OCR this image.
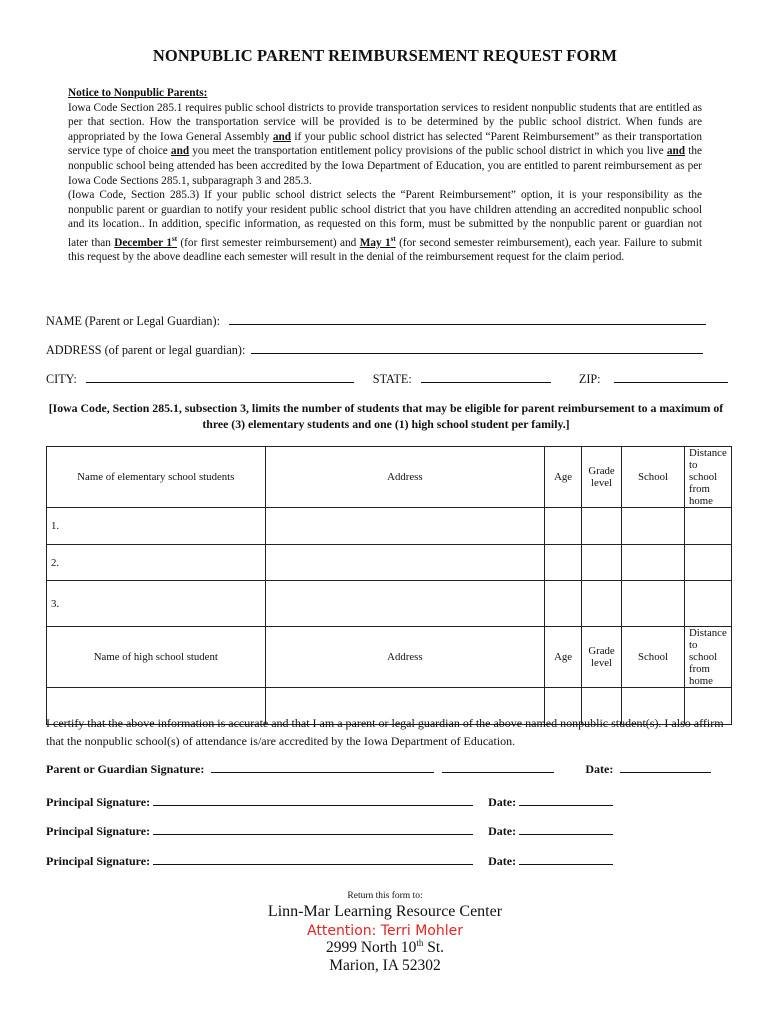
NONPUBLIC PARENT REIMBURSEMENT REQUEST FORM

Notice to Nonpublic Parents:

Iowa Code Section 285.1 requires public school districts to provide transportation services to resident nonpublic students that are entitled as per that section. How the transportation service will be provided is to be determined by the public school district. When funds are appropriated by the Iowa General Assembly and if your public school district has selected “Parent Reimbursement” as their transportation service type of choice and you meet the transportation entitlement policy provisions of the public school district in which you live and the nonpublic school being attended has been accredited by the Iowa Department of Education, you are entitled to parent reimbursement as per Iowa Code Sections 285.1, subparagraph 3 and 285.3.

(Iowa Code, Section 285.3) If your public school district selects the “Parent Reimbursement” option, it is your responsibility as the nonpublic parent or guardian to notify your resident public school district that you have children attending an accredited nonpublic school and its location.. In addition, specific information, as requested on this form, must be submitted by the nonpublic parent or guardian not later than December 1st (for first semester reimbursement) and May 1st (for second semester reimbursement), each year. Failure to submit this request by the above deadline each semester will result in the denial of the reimbursement request for the claim period.

NAME (Parent or Legal Guardian):
ADDRESS (of parent or legal guardian):
CITY:	STATE:	ZIP:
[Iowa Code, Section 285.1, subsection 3, limits the number of students that may be eligible for parent reimbursement to a maximum of three (3) elementary students and one (1) high school student per family.]
Name of elementary school students	Address	Age	Grade level	School	Distance to school from home
1.					
2.					
3.					
Name of high school student	Address	Age	Grade level	School	Distance to school from home

I certify that the above information is accurate and that I am a parent or legal guardian of the above named nonpublic student(s). I also affirm that the nonpublic school(s) of attendance is/are accredited by the Iowa Department of Education.
Parent or Guardian Signature:	Date:
Principal Signature:	Date:
Principal Signature:	Date:
Principal Signature:	Date:
Return this form to:
Linn-Mar Learning Resource Center
Attention: Terri Mohler
2999 North 10th St.
Marion, IA 52302
